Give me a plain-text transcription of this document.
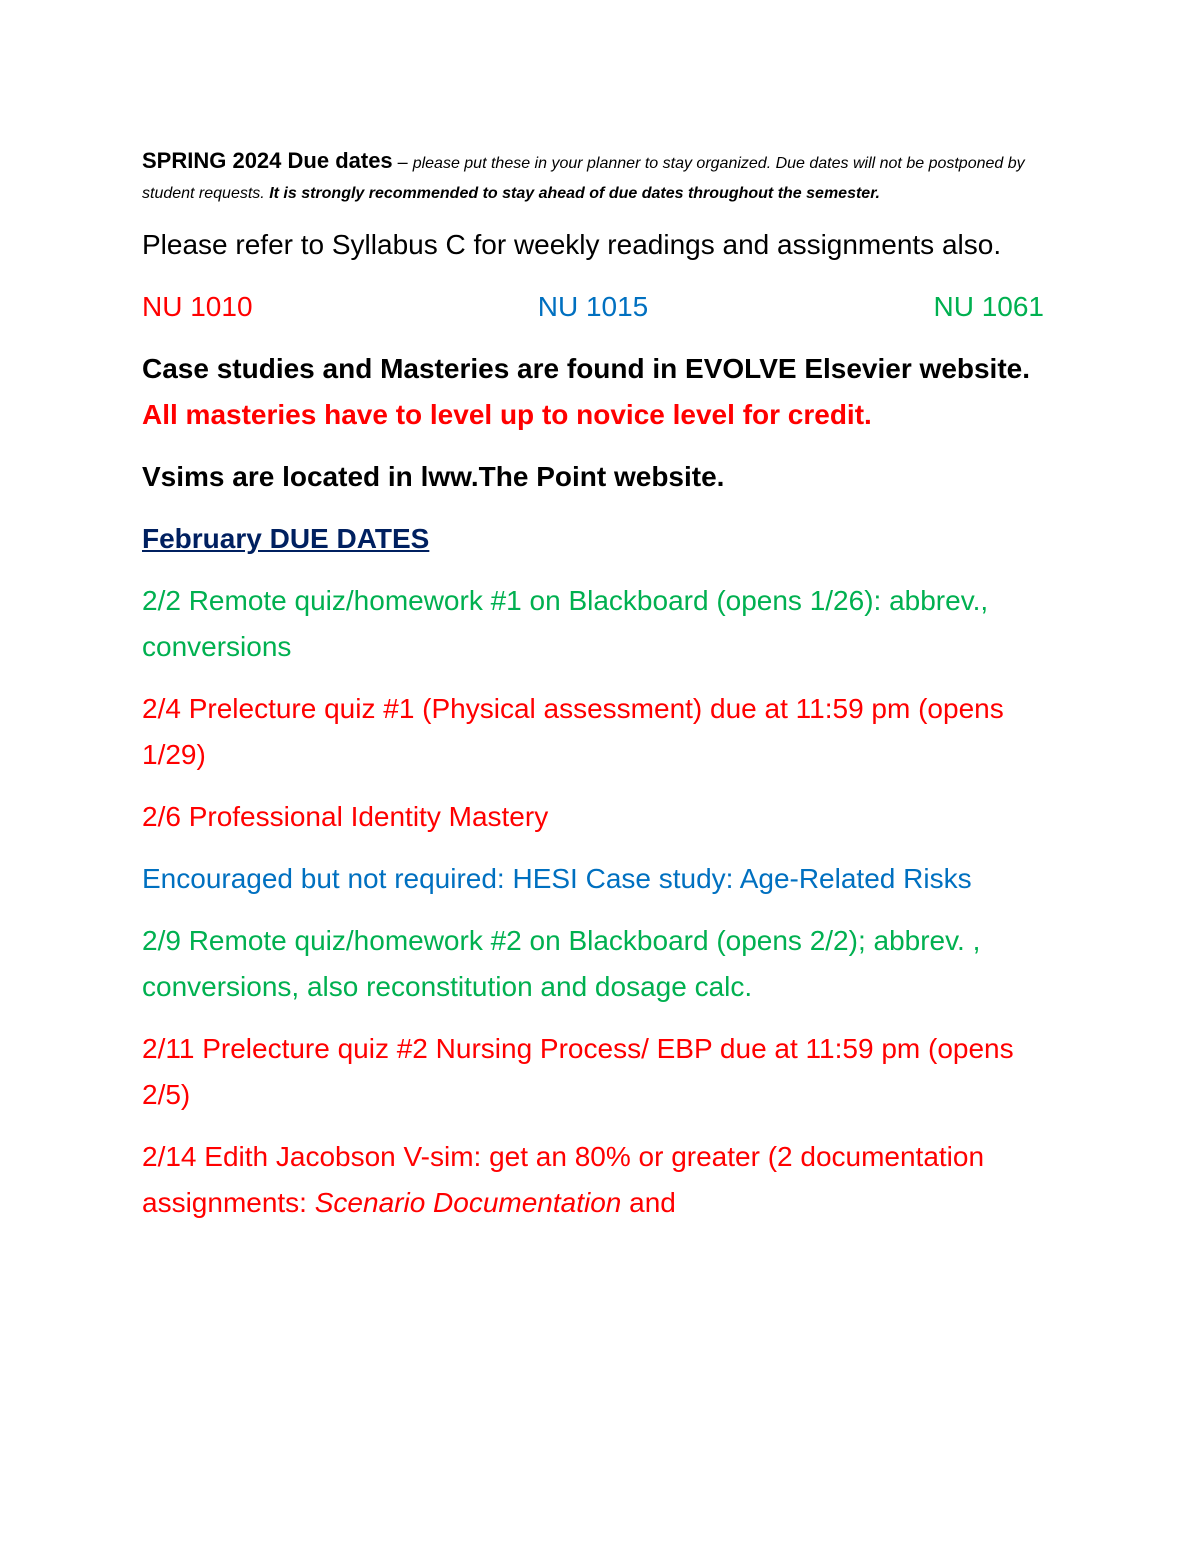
SPRING 2024 Due dates – please put these in your planner to stay organized. Due dates will not be postponed by student requests. It is strongly recommended to stay ahead of due dates throughout the semester.

Please refer to Syllabus C for weekly readings and assignments also.

NU 1010	NU 1015	NU 1061

Case studies and Masteries are found in EVOLVE Elsevier website. All masteries have to level up to novice level for credit.

Vsims are located in lww.The Point website.

February DUE DATES

2/2 Remote quiz/homework #1 on Blackboard (opens 1/26): abbrev., conversions

2/4 Prelecture quiz #1 (Physical assessment) due at 11:59 pm (opens 1/29)

2/6 Professional Identity Mastery

Encouraged but not required: HESI Case study: Age-Related Risks

2/9 Remote quiz/homework #2 on Blackboard (opens 2/2); abbrev. , conversions, also reconstitution and dosage calc.

2/11 Prelecture quiz #2 Nursing Process/ EBP due at 11:59 pm (opens 2/5)

2/14 Edith Jacobson V-sim: get an 80% or greater (2 documentation assignments: Scenario Documentation and
